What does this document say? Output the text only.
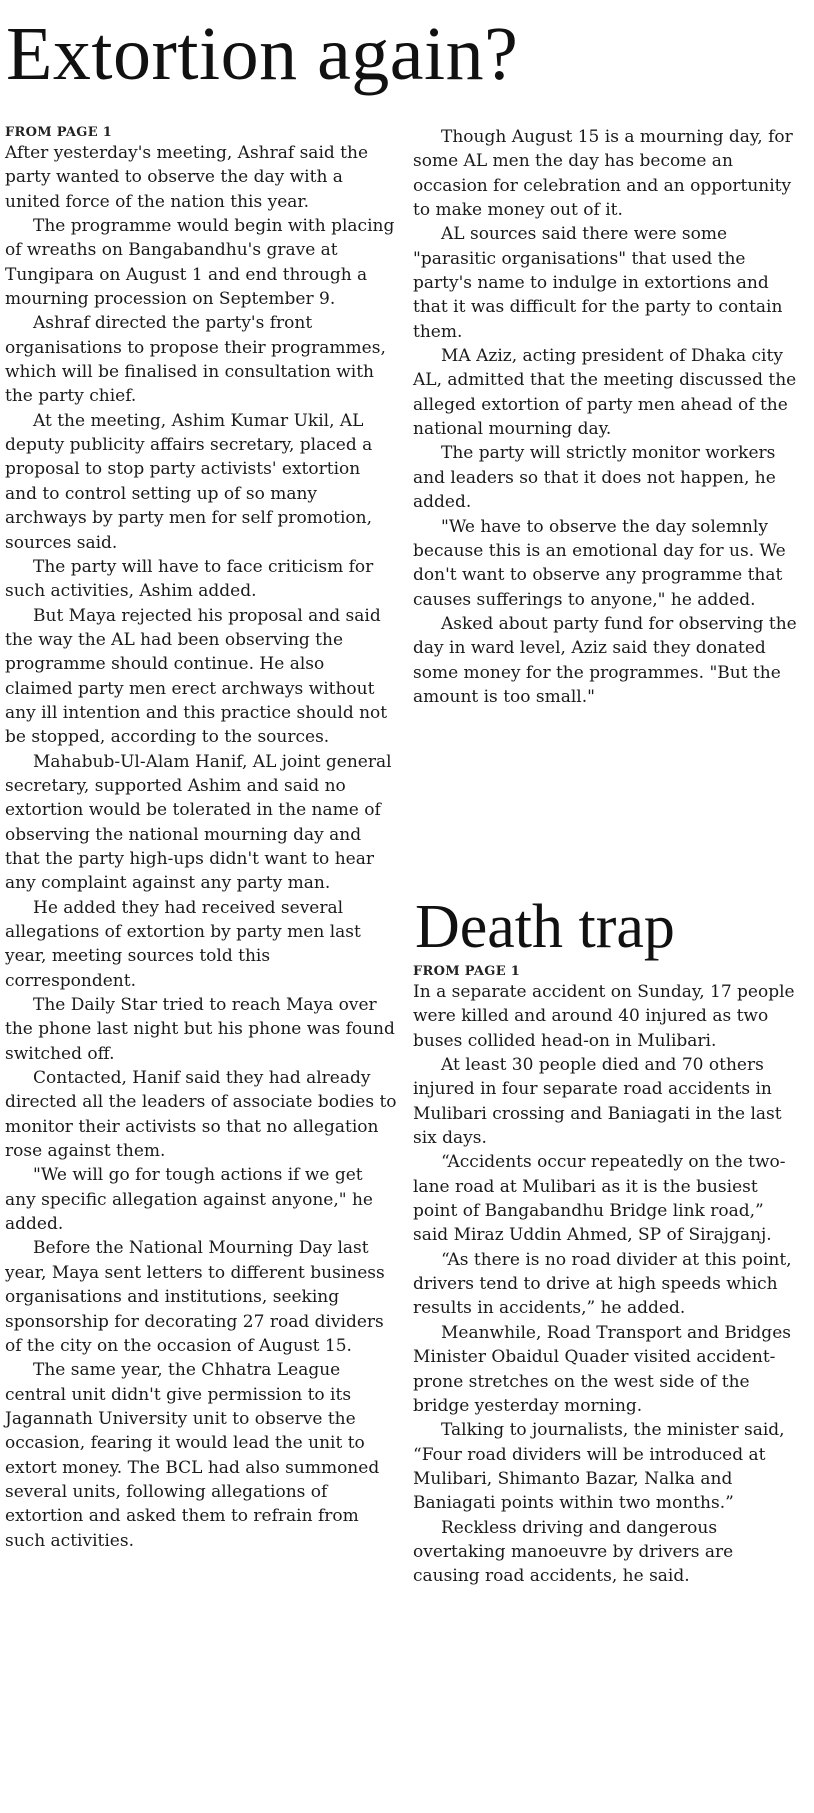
Extortion again?

FROM PAGE 1

After yesterday's meeting, Ashraf said the party wanted to observe the day with a united force of the nation this year.

The programme would begin with placing of wreaths on Bangabandhu's grave at Tungipara on August 1 and end through a mourning procession on September 9.

Ashraf directed the party's front organisations to propose their programmes, which will be finalised in consultation with the party chief.

At the meeting, Ashim Kumar Ukil, AL deputy publicity affairs secretary, placed a proposal to stop party activists' extortion and to control setting up of so many archways by party men for self promotion, sources said.

The party will have to face criticism for such activities, Ashim added.

But Maya rejected his proposal and said the way the AL had been observing the programme should continue. He also claimed party men erect archways without any ill intention and this practice should not be stopped, according to the sources.

Mahabub-Ul-Alam Hanif, AL joint general secretary, supported Ashim and said no extortion would be tolerated in the name of observing the national mourning day and that the party high-ups didn't want to hear any complaint against any party man.

He added they had received several allegations of extortion by party men last year, meeting sources told this correspondent.

The Daily Star tried to reach Maya over the phone last night but his phone was found switched off.

Contacted, Hanif said they had already directed all the leaders of associate bodies to monitor their activists so that no allegation rose against them.

"We will go for tough actions if we get any specific allegation against anyone," he added.

Before the National Mourning Day last year, Maya sent letters to different business organisations and institutions, seeking sponsorship for decorating 27 road dividers of the city on the occasion of August 15.

The same year, the Chhatra League central unit didn't give permission to its Jagannath University unit to observe the occasion, fearing it would lead the unit to extort money. The BCL had also summoned several units, following allegations of extortion and asked them to refrain from such activities.

Though August 15 is a mourning day, for some AL men the day has become an occasion for celebration and an opportunity to make money out of it.

AL sources said there were some "parasitic organisations" that used the party's name to indulge in extortions and that it was difficult for the party to contain them.

MA Aziz, acting president of Dhaka city AL, admitted that the meeting discussed the alleged extortion of party men ahead of the national mourning day.

The party will strictly monitor workers and leaders so that it does not happen, he added.

"We have to observe the day solemnly because this is an emotional day for us. We don't want to observe any programme that causes sufferings to anyone," he added.

Asked about party fund for observing the day in ward level, Aziz said they donated some money for the programmes. "But the amount is too small."

Death trap

FROM PAGE 1

In a separate accident on Sunday, 17 people were killed and around 40 injured as two buses collided head-on in Mulibari.

At least 30 people died and 70 others injured in four separate road accidents in Mulibari crossing and Baniagati in the last six days.

“Accidents occur repeatedly on the two-lane road at Mulibari as it is the busiest point of Bangabandhu Bridge link road,” said Miraz Uddin Ahmed, SP of Sirajganj.

“As there is no road divider at this point, drivers tend to drive at high speeds which results in accidents,” he added.

Meanwhile, Road Transport and Bridges Minister Obaidul Quader visited accident-prone stretches on the west side of the bridge yesterday morning.

Talking to journalists, the minister said, “Four road dividers will be introduced at Mulibari, Shimanto Bazar, Nalka and Baniagati points within two months.”

Reckless driving and dangerous overtaking manoeuvre by drivers are causing road accidents, he said.
